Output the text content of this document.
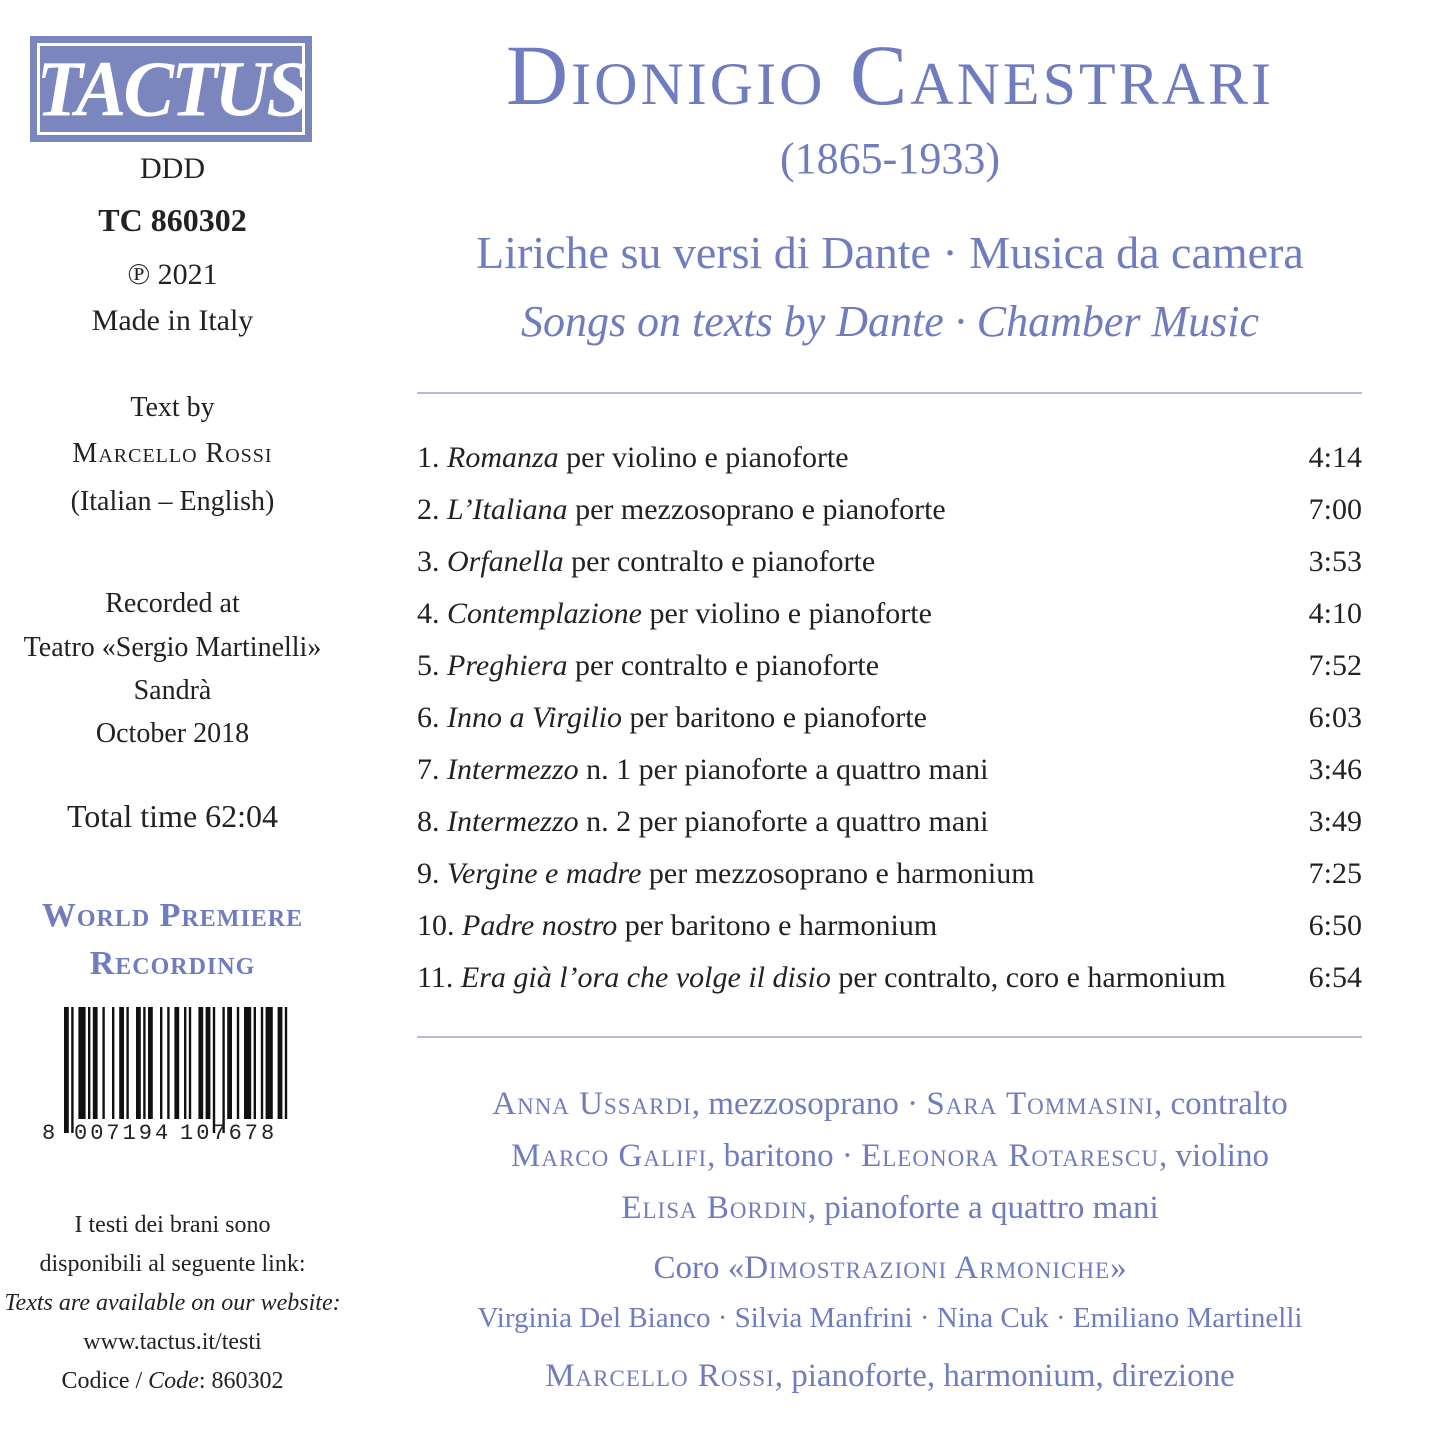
TACTUS
DDD
TC 860302
℗ 2021
Made in Italy
Text by
Marcello Rossi
(Italian – English)
Recorded at
Teatro «Sergio Martinelli»
Sandrà
October 2018
Total time 62:04
World Premiere
Recording
8 007194 107678
I testi dei brani sono
disponibili al seguente link:
Texts are available on our website:
www.tactus.it/testi
Codice / Code: 860302
Dionigio Canestrari
(1865-1933)
Liriche su versi di Dante · Musica da camera
Songs on texts by Dante · Chamber Music
1. Romanza per violino e pianoforte	4:14
2. L’Italiana per mezzosoprano e pianoforte	7:00
3. Orfanella per contralto e pianoforte	3:53
4. Contemplazione per violino e pianoforte	4:10
5. Preghiera per contralto e pianoforte	7:52
6. Inno a Virgilio per baritono e pianoforte	6:03
7. Intermezzo n. 1 per pianoforte a quattro mani	3:46
8. Intermezzo n. 2 per pianoforte a quattro mani	3:49
9. Vergine e madre per mezzosoprano e harmonium	7:25
10. Padre nostro per baritono e harmonium	6:50
11. Era già l’ora che volge il disio per contralto, coro e harmonium	6:54
Anna Ussardi, mezzosoprano · Sara Tommasini, contralto
Marco Galifi, baritono · Eleonora Rotarescu, violino
Elisa Bordin, pianoforte a quattro mani
Coro «Dimostrazioni Armoniche»
Virginia Del Bianco · Silvia Manfrini · Nina Cuk · Emiliano Martinelli
Marcello Rossi, pianoforte, harmonium, direzione
